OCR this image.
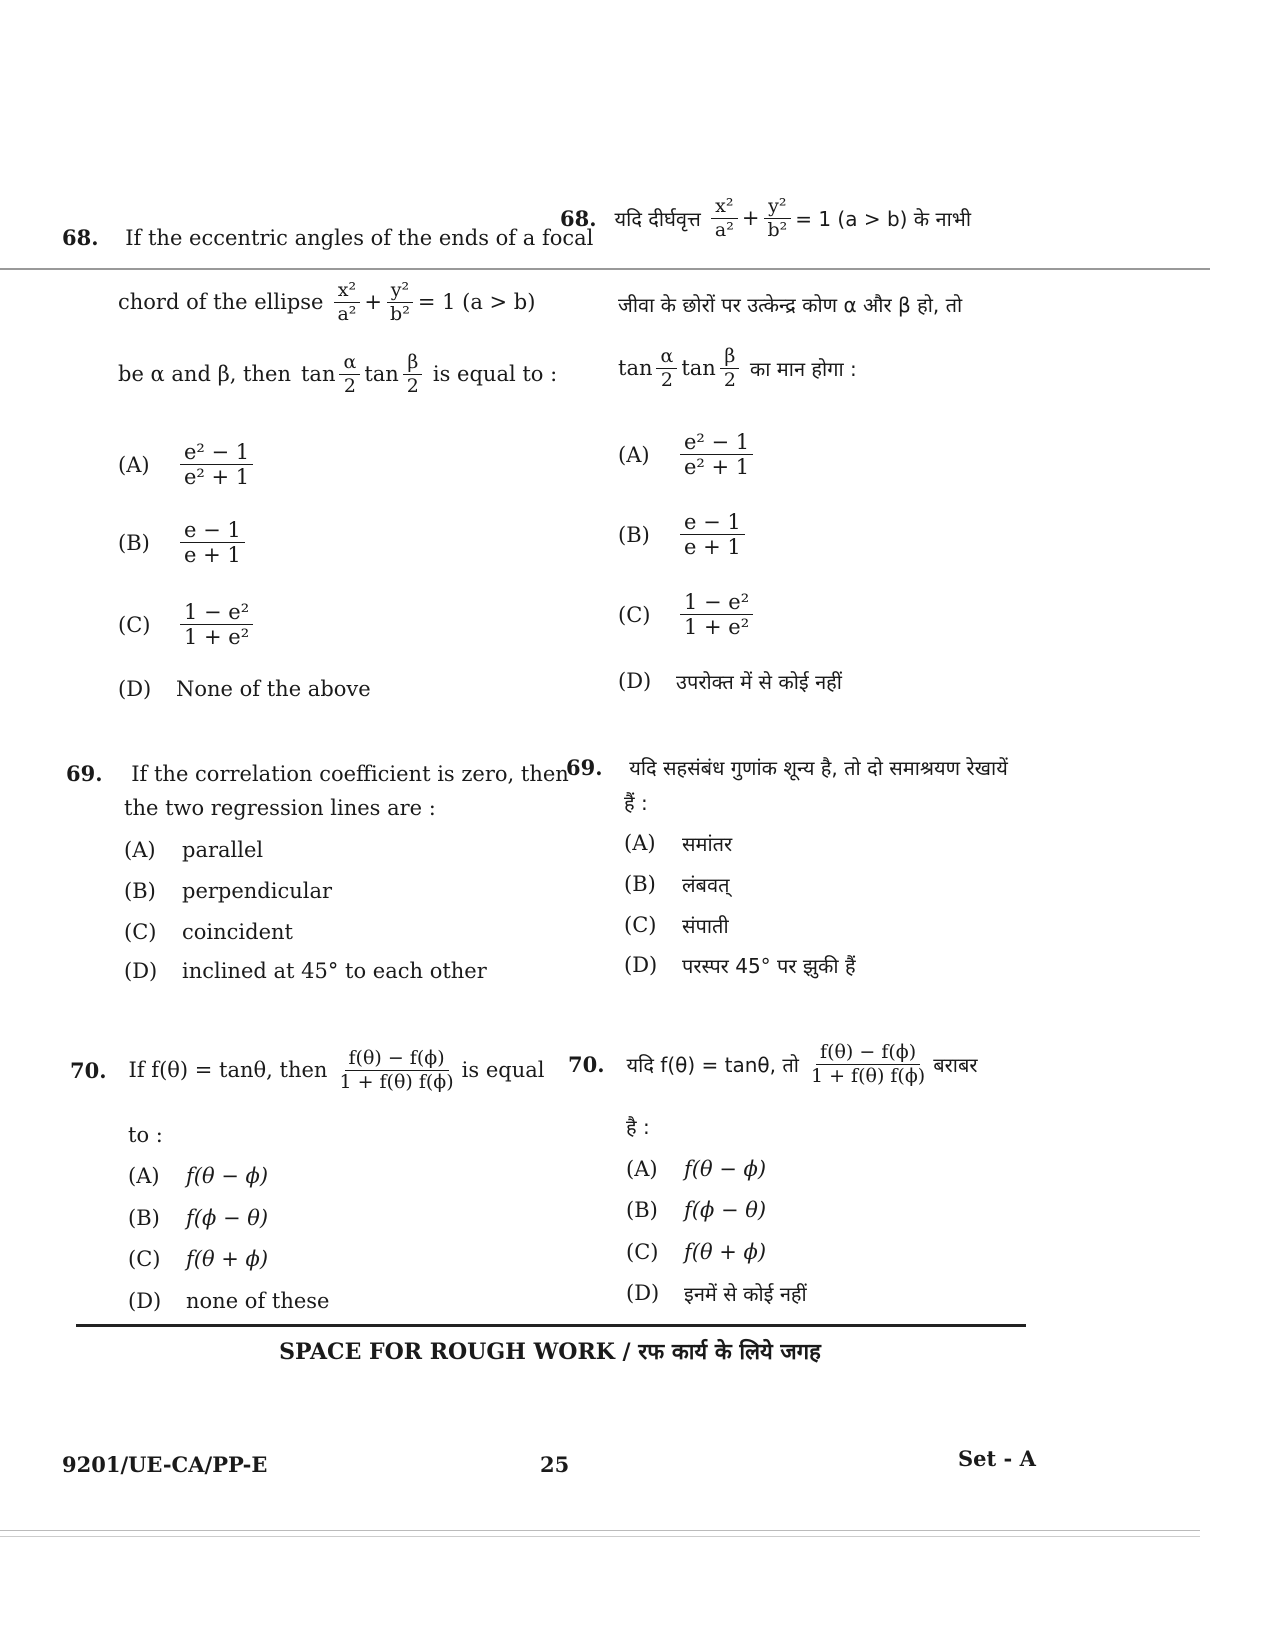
68. If the eccentric angles of the ends of a focal
chord of the ellipse $\frac{\text{x²}}{\text{a²}} + \frac{\text{y²}}{\text{b²}} = 1$ (a > b)
be α and β, then $\tan \frac{\alpha}{2}$ $\tan \frac{\beta}{2}$ is equal to :
(A)	$\frac{\text{e² − 1}}{\text{e² + 1}}$
(B)	$\frac{e - 1}{e + 1}$
(C)	$\frac{\text{1 − e²}}{\text{1 + e²}}$
(D)	None of the above
68. यदि दीर्घवृत्त $\frac{\text{x²}}{\text{a²}} + \frac{\text{y²}}{\text{b²}} = 1$ (a > b) के नाभी
जीवा के छोरों पर उत्केन्द्र कोण α और β हो, तो
$\tan \frac{\alpha}{2}$ $\tan \frac{\beta}{2}$ का मान होगा :
(A)	$\frac{\text{e² − 1}}{\text{e² + 1}}$
(B)	$\frac{e - 1}{e + 1}$
(C)	$\frac{\text{1 − e²}}{\text{1 + e²}}$
(D)	उपरोक्त में से कोई नहीं
69. If the correlation coefficient is zero, then
the two regression lines are :
(A)	parallel
(B)	perpendicular
(C)	coincident
(D)	inclined at 45° to each other
69. यदि सहसंबंध गुणांक शून्य है, तो दो समाश्रयण रेखायें
हैं :
(A)	समांतर
(B)	लंबवत्
(C)	संपाती
(D)	परस्पर 45° पर झुकी हैं
70. If f(θ) = tanθ, then $\frac{f(\theta) - f(\phi)}{1 + f(\theta) f(\phi)}$ is equal
to :
(A)	f(θ − ϕ)
(B)	f(ϕ − θ)
(C)	f(θ + ϕ)
(D)	none of these
70. यदि f(θ) = tanθ, तो $\frac{f(\theta) - f(\phi)}{1 + f(\theta) f(\phi)}$ बराबर
है :
(A)	f(θ − ϕ)
(B)	f(ϕ − θ)
(C)	f(θ + ϕ)
(D)	इनमें से कोई नहीं
SPACE FOR ROUGH WORK / रफ कार्य के लिये जगह
9201/UE-CA/PP-E	25	Set - A
